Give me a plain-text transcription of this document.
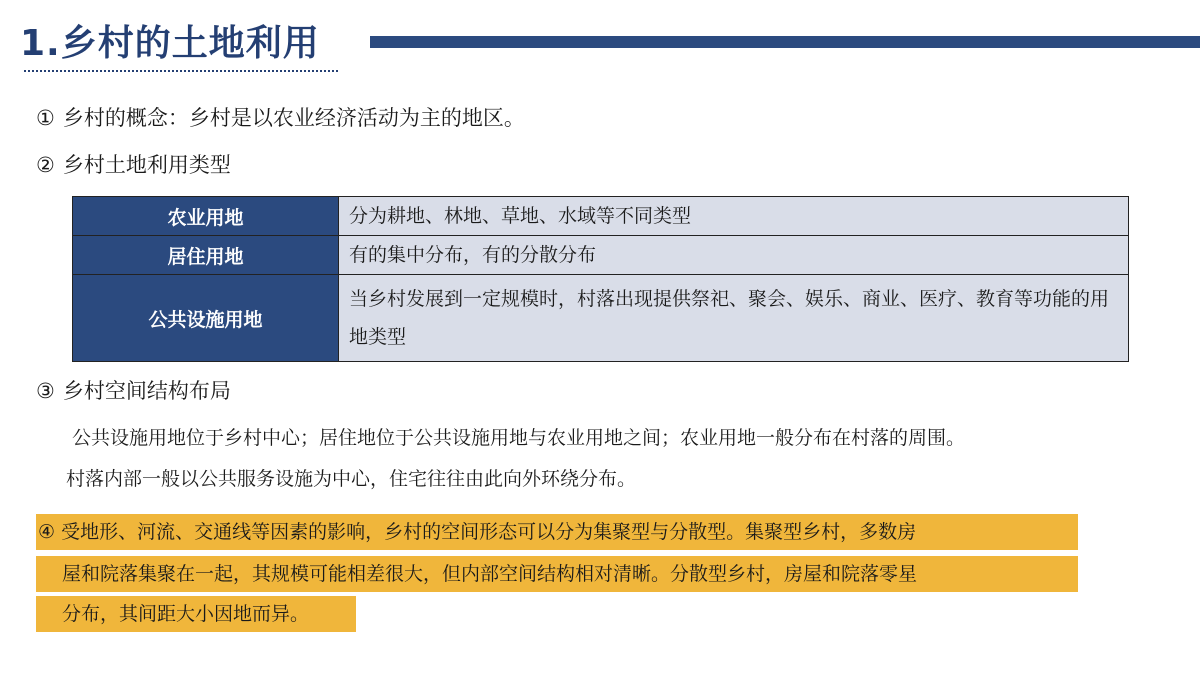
1.乡村的土地利用

① 乡村的概念：乡村是以农业经济活动为主的地区。

② 乡村土地利用类型

农业用地	分为耕地、林地、草地、水域等不同类型
居住用地	有的集中分布，有的分散分布
公共设施用地	当乡村发展到一定规模时，村落出现提供祭祀、聚会、娱乐、商业、医疗、教育等功能的用地类型

③ 乡村空间结构布局

公共设施用地位于乡村中心；居住地位于公共设施用地与农业用地之间；农业用地一般分布在村落的周围。

村落内部一般以公共服务设施为中心，住宅往往由此向外环绕分布。

④ 受地形、河流、交通线等因素的影响，乡村的空间形态可以分为集聚型与分散型。集聚型乡村，多数房

屋和院落集聚在一起，其规模可能相差很大，但内部空间结构相对清晰。分散型乡村，房屋和院落零星

分布，其间距大小因地而异。
